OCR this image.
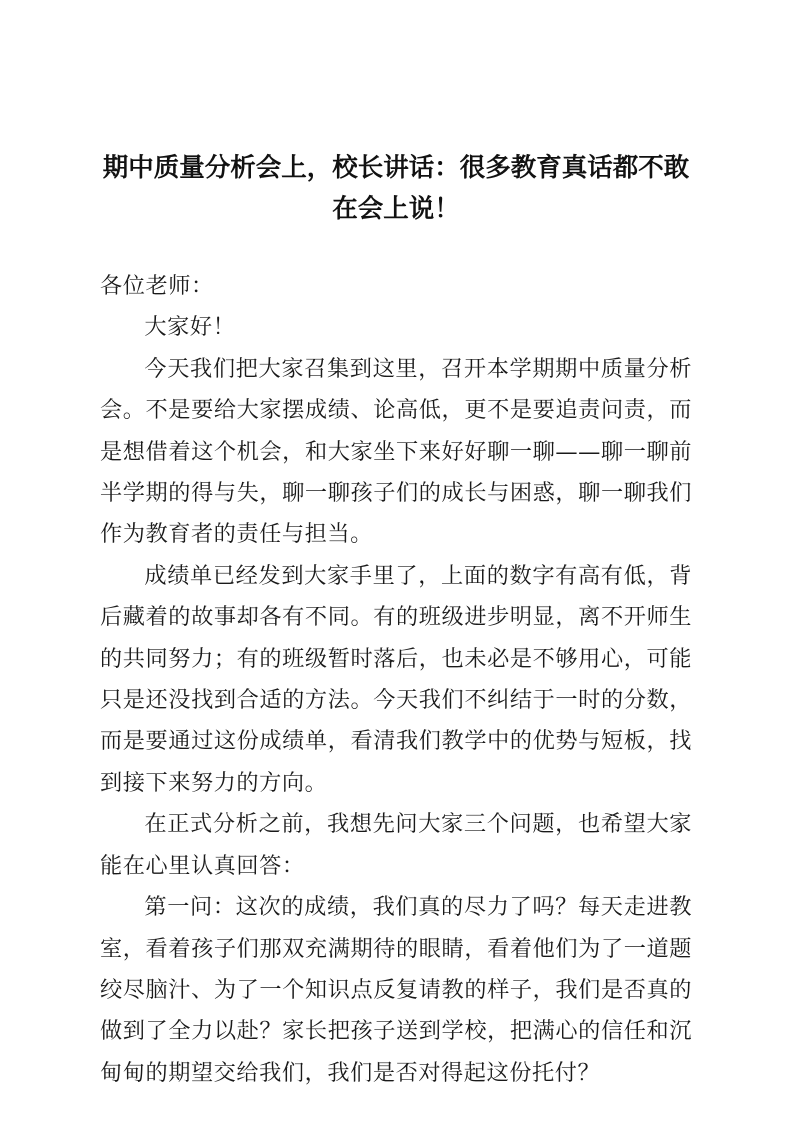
期中质量分析会上，校长讲话：很多教育真话都不敢在会上说！

各位老师：

大家好！

今天我们把大家召集到这里，召开本学期期中质量分析会。不是要给大家摆成绩、论高低，更不是要追责问责，而是想借着这个机会，和大家坐下来好好聊一聊——聊一聊前半学期的得与失，聊一聊孩子们的成长与困惑，聊一聊我们作为教育者的责任与担当。

成绩单已经发到大家手里了，上面的数字有高有低，背后藏着的故事却各有不同。有的班级进步明显，离不开师生的共同努力；有的班级暂时落后，也未必是不够用心，可能只是还没找到合适的方法。今天我们不纠结于一时的分数，而是要通过这份成绩单，看清我们教学中的优势与短板，找到接下来努力的方向。

在正式分析之前，我想先问大家三个问题，也希望大家能在心里认真回答：

第一问：这次的成绩，我们真的尽力了吗？每天走进教室，看着孩子们那双充满期待的眼睛，看着他们为了一道题绞尽脑汁、为了一个知识点反复请教的样子，我们是否真的做到了全力以赴？家长把孩子送到学校，把满心的信任和沉甸甸的期望交给我们，我们是否对得起这份托付？
